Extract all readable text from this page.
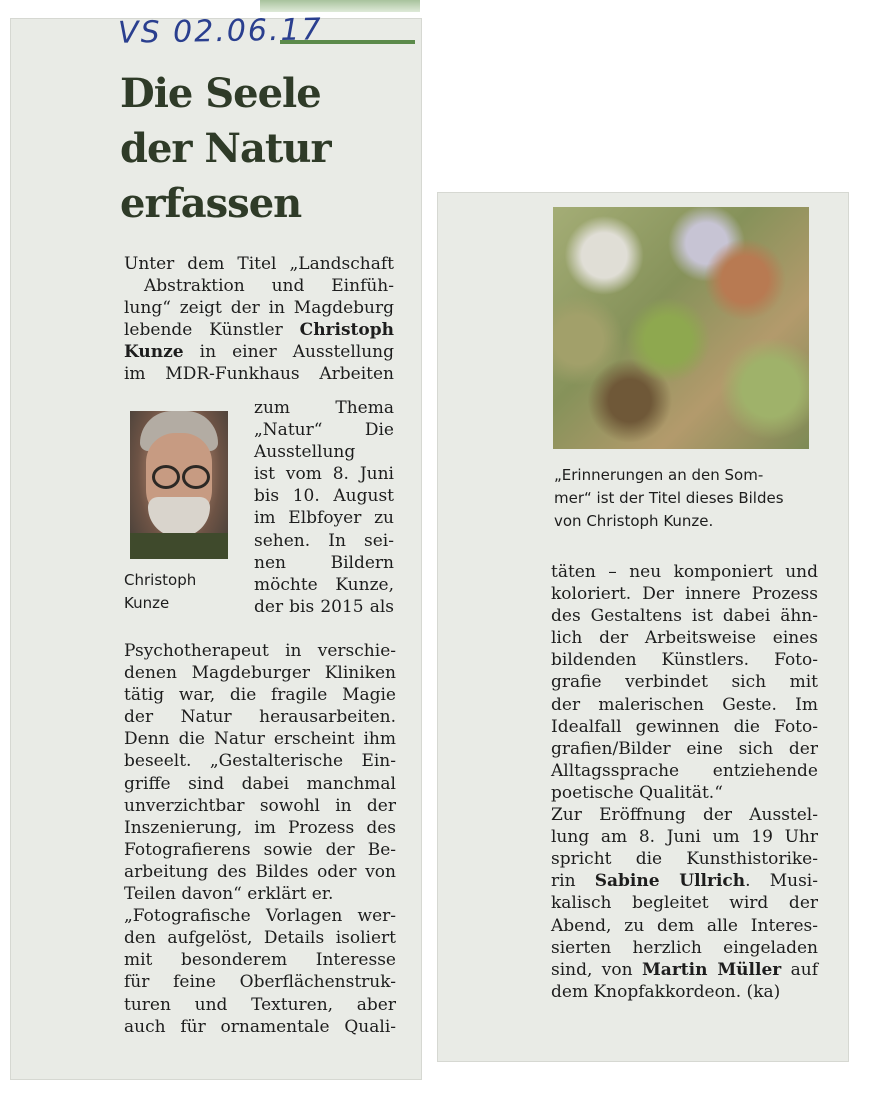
VS 02.06.17
Die Seele
der Natur
erfassen
Unter dem Titel „Landschaft
Abstraktion und Einfüh-
lung“ zeigt der in Magdeburg
lebende Künstler Christoph
Kunze in einer Ausstellung
im MDR-Funkhaus Arbeiten
zum Thema
„Natur“ Die
Ausstellung
ist vom 8. Juni
bis 10. August
im Elbfoyer zu
sehen. In sei-
nen Bildern
möchte Kunze,
der bis 2015 als
Psychotherapeut in verschie-
denen Magdeburger Kliniken
tätig war, die fragile Magie
der Natur herausarbeiten.
Denn die Natur erscheint ihm
beseelt. „Gestalterische Ein-
griffe sind dabei manchmal
unverzichtbar sowohl in der
Inszenierung, im Prozess des
Fotografierens sowie der Be-
arbeitung des Bildes oder von
Teilen davon“ erklärt er.
„Fotografische Vorlagen wer-
den aufgelöst, Details isoliert
mit besonderem Interesse
für feine Oberflächenstruk-
turen und Texturen, aber
auch für ornamentale Quali-
Christoph
Kunze
„Erinnerungen an den Som-
mer“ ist der Titel dieses Bildes
von Christoph Kunze.
täten – neu komponiert und
koloriert. Der innere Prozess
des Gestaltens ist dabei ähn-
lich der Arbeitsweise eines
bildenden Künstlers. Foto-
grafie verbindet sich mit
der malerischen Geste. Im
Idealfall gewinnen die Foto-
grafien/Bilder eine sich der
Alltagssprache entziehende
poetische Qualität.“
Zur Eröffnung der Ausstel-
lung am 8. Juni um 19 Uhr
spricht die Kunsthistorike-
rin Sabine Ullrich. Musi-
kalisch begleitet wird der
Abend, zu dem alle Interes-
sierten herzlich eingeladen
sind, von Martin Müller auf
dem Knopfakkordeon. (ka)
